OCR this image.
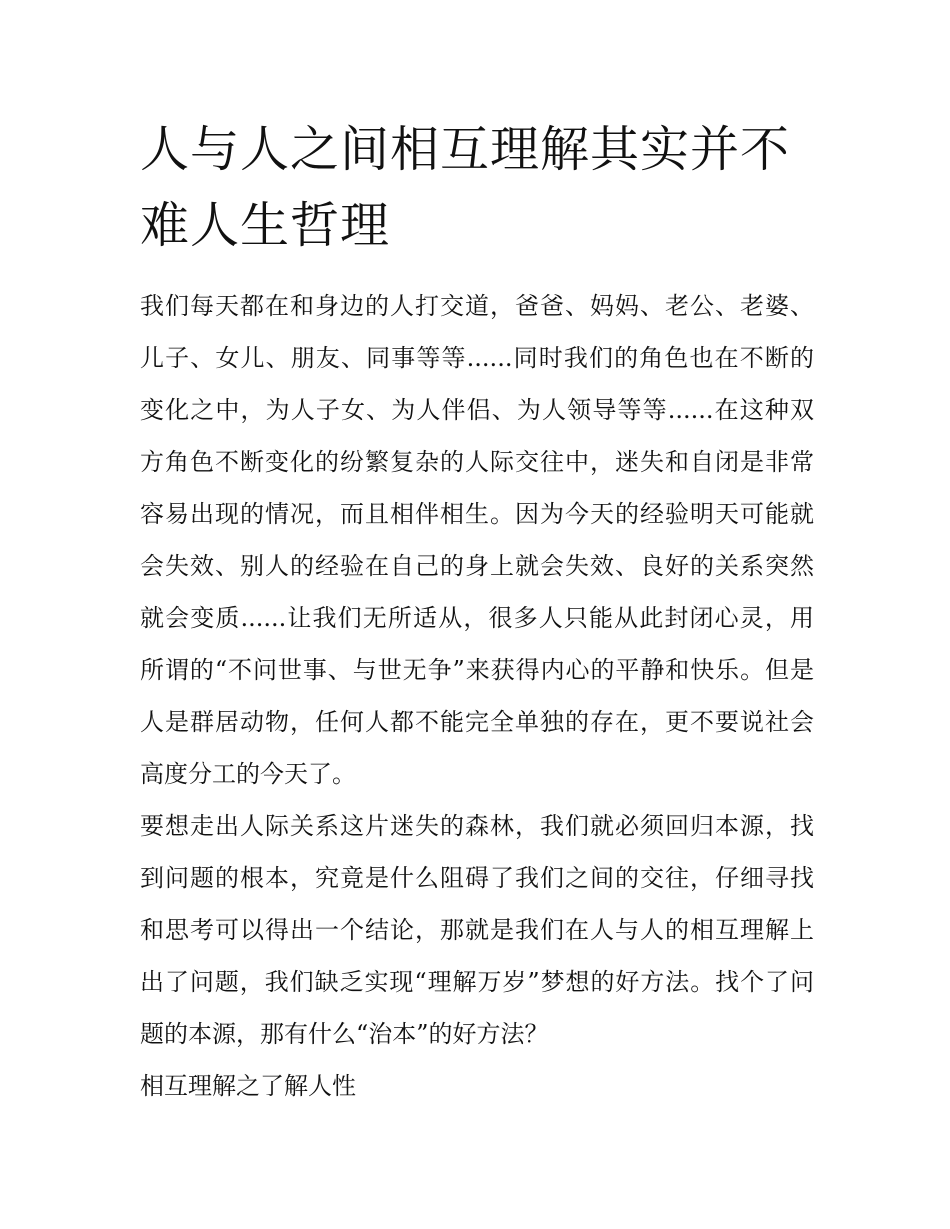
人与人之间相互理解其实并不
难人生哲理

我们每天都在和身边的人打交道，爸爸、妈妈、老公、老婆、
儿子、女儿、朋友、同事等等......同时我们的角色也在不断的
变化之中，为人子女、为人伴侣、为人领导等等......在这种双
方角色不断变化的纷繁复杂的人际交往中，迷失和自闭是非常
容易出现的情况，而且相伴相生。因为今天的经验明天可能就
会失效、别人的经验在自己的身上就会失效、良好的关系突然
就会变质......让我们无所适从，很多人只能从此封闭心灵，用
所谓的“不问世事、与世无争”来获得内心的平静和快乐。但是
人是群居动物，任何人都不能完全单独的存在，更不要说社会
高度分工的今天了。

要想走出人际关系这片迷失的森林，我们就必须回归本源，找
到问题的根本，究竟是什么阻碍了我们之间的交往，仔细寻找
和思考可以得出一个结论，那就是我们在人与人的相互理解上
出了问题，我们缺乏实现“理解万岁”梦想的好方法。找个了问
题的本源，那有什么“治本”的好方法？

相互理解之了解人性
